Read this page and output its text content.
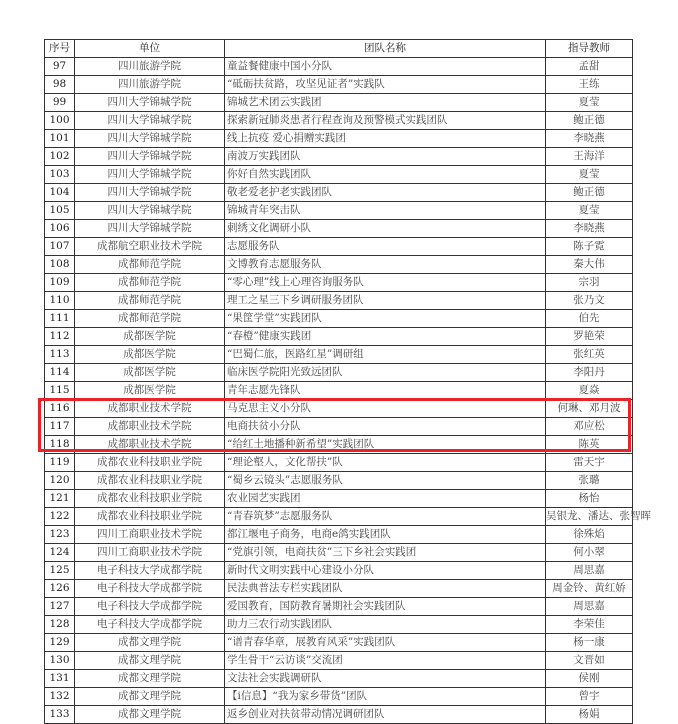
序号	单位	团队名称	指导教师
97	四川旅游学院	童益餐健康中国小分队	孟甜
98	四川旅游学院	“砥砺扶贫路，攻坚见证者”实践队	王练
99	四川大学锦城学院	锦城艺术团云实践团	夏莹
100	四川大学锦城学院	探索新冠肺炎患者行程查询及预警模式实践团队	鲍正德
101	四川大学锦城学院	线上抗疫 爱心捐赠实践团	李晓燕
102	四川大学锦城学院	南波万实践团队	王海洋
103	四川大学锦城学院	你好自然实践团队	夏莹
104	四川大学锦城学院	敬老爱老护老实践团队	鲍正德
105	四川大学锦城学院	锦城青年突击队	夏莹
106	四川大学锦城学院	刺绣文化调研小队	李晓燕
107	成都航空职业技术学院	志愿服务队	陈子霓
108	成都师范学院	文博教育志愿服务队	秦大伟
109	成都师范学院	“零心理”线上心理咨询服务队	宗羽
110	成都师范学院	理工之星三下乡调研服务团队	张乃文
111	成都师范学院	“果筐学堂”实践团队	伯先
112	成都医学院	“春橙”健康实践团	罗艳荣
113	成都医学院	“巴蜀仁旅，医路红星”调研组	张红英
114	成都医学院	临床医学院阳光致远团队	李阳丹
115	成都医学院	青年志愿先锋队	夏焱
116	成都职业技术学院	马克思主义小分队	何琳、邓月波
117	成都职业技术学院	电商扶贫小分队	邓应松
118	成都职业技术学院	“给红土地播种新希望”实践团队	陈英
119	成都农业科技职业学院	“理论壑人，文化帮扶”队	雷天宇
120	成都农业科技职业学院	“蜀乡云镜头”志愿服务队	张璐
121	成都农业科技职业学院	农业园艺实践团	杨怡
122	成都农业科技职业学院	“青春筑梦”志愿服务队	吴银龙、潘达、张智晖
123	四川工商职业技术学院	都江堰电子商务，电商e鸽实践团队	徐殊焰
124	四川工商职业技术学院	“党旗引领，电商扶贫”三下乡社会实践团	何小翠
125	电子科技大学成都学院	新时代文明实践中心建设小分队	周思嘉
126	电子科技大学成都学院	民法典普法专栏实践团队	周金铃、黄红娇
127	电子科技大学成都学院	爱国教育，国防教育暑期社会实践团队	周思嘉
128	电子科技大学成都学院	助力三农行动实践团队	李荣佳
129	成都文理学院	“谱青春华章，展教育风采”实践团队	杨一康
130	成都文理学院	学生骨干“云访谈”交流团	文晋如
131	成都文理学院	文法社会实践调研队	侯刚
132	成都文理学院	【i信息】“我为家乡带货”团队	曾宇
133	成都文理学院	返乡创业对扶贫带动情况调研团队	杨娟
